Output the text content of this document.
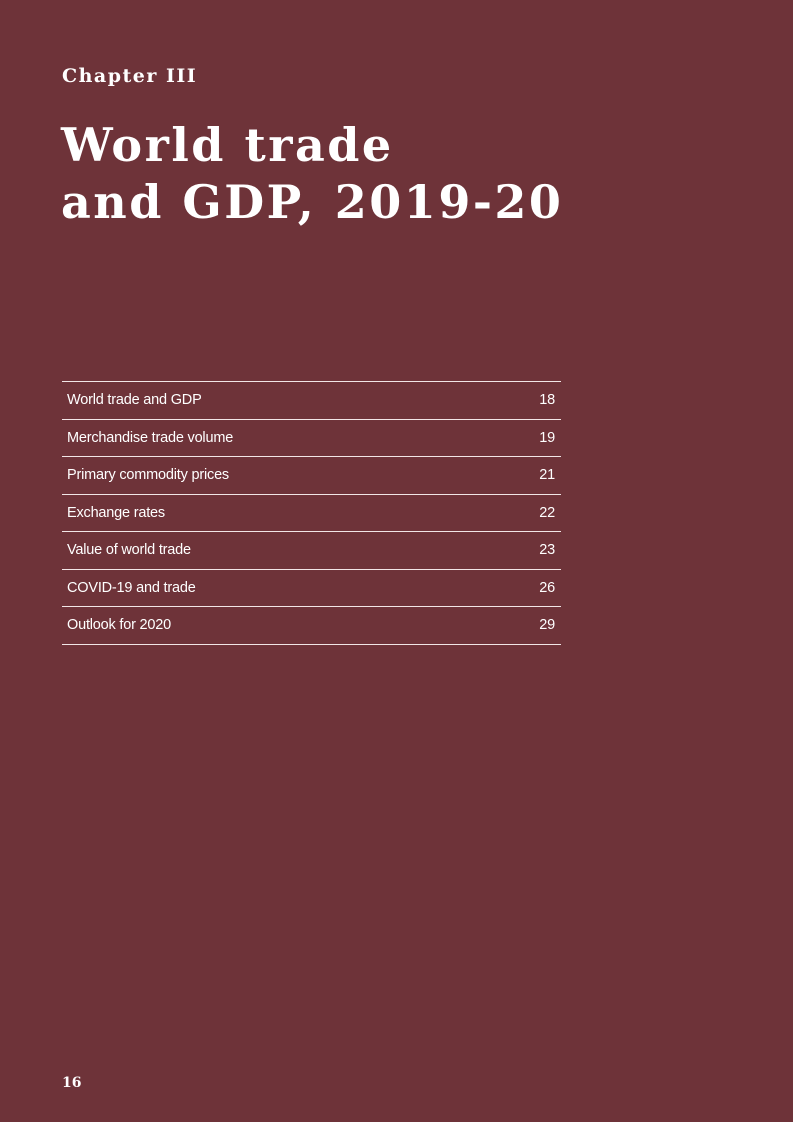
Chapter III
World trade
and GDP, 2019-20
World trade and GDP	18
Merchandise trade volume	19
Primary commodity prices	21
Exchange rates	22
Value of world trade	23
COVID-19 and trade	26
Outlook for 2020	29
16
